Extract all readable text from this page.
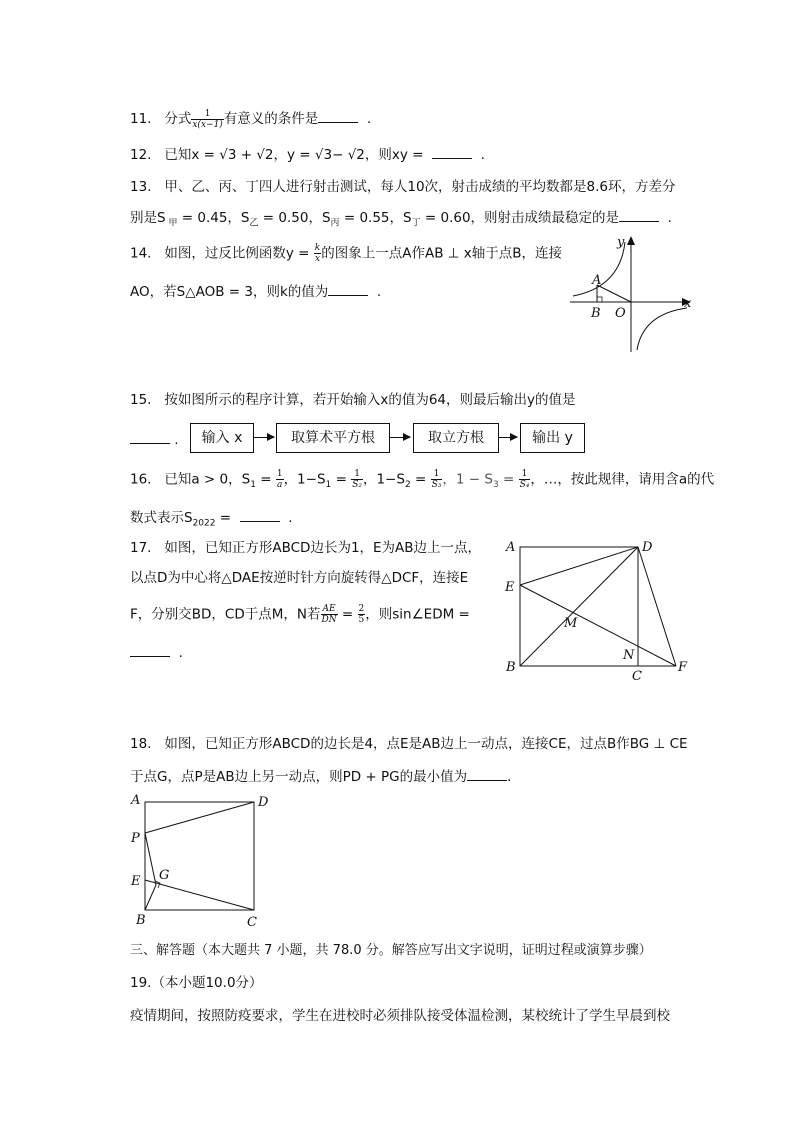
11. 分式 $\frac{1}{x(x-1)}$ 有意义的条件是	.
12. 已知x = √3 + √2，y = √3− √2，则xy =	.
13. 甲、乙、丙、丁四人进行射击测试，每人10次，射击成绩的平均数都是8.6环，方差分
别是S $_甲$ = 0.45，$S_乙 = 0.50$，$S_丙 = 0.55$，$S_丁 = 0.60$，则射击成绩最稳定的是	.
14. 如图，过反比例函数$y = \frac{k}{x}$ 的图象上一点A作AB ⊥ x轴于点B，连接
AO，若S△AOB = 3，则k的值为	.
y
x
A
B O
15. 按如图所示的程序计算，若开始输入x的值为64，则最后输出y的值是
.	输入 x	取算术平方根	取立方根	输出 y
16. 已知a > 0，$S_1 = \frac{1}{a}$ ，$1-S_1 = \frac{1}{\text{S₂}}$ ，$1-S_2 = \frac{1}{\text{S₃}}$ ，$1 - S_3 = \frac{1}{\text{S₄}}$ ，…，按此规律，请用含a的代
数式表示$S_{2022}$ =	.
17. 如图，已知正方形ABCD边长为1，E为AB边上一点，
以点D为中心将△DAE按逆时针方向旋转得△DCF，连接E
F，分别交BD，CD于点M，N若 $\frac{AE}{DN} = \frac{2}{5}$ ，则sin∠EDM =
.
A	D
E
M
N
B
C
F
18. 如图，已知正方形ABCD的边长是4，点E是AB边上一动点，连接CE，过点B作BG ⊥ CE
于点G，点P是AB边上另一动点，则PD + PG的最小值为	.
A	D
P
E G
B	C
三、解答题（本大题共 7 小题，共 78.0 分。解答应写出文字说明，证明过程或演算步骤）
19.（本小题10.0分）
疫情期间，按照防疫要求，学生在进校时必须排队接受体温检测，某校统计了学生早晨到校
